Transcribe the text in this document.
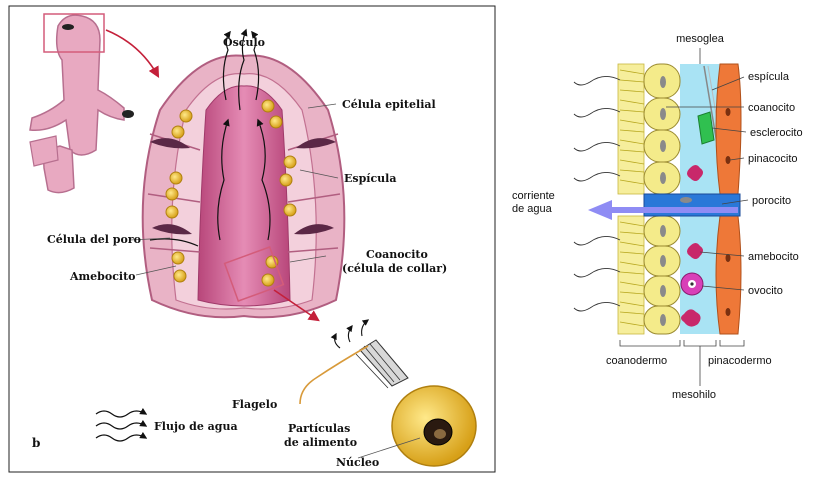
Ósculo
Célula epitelial
Espícula
Célula del poro
Amebocito
Coanocito
(célula de collar)
Flagelo
Partículas
de alimento
Núcleo
Flujo de agua
b
mesoglea
espícula
coanocito
esclerocito
pinacocito
corriente
de agua
porocito
amebocito
ovocito
coanodermo	pinacodermo
mesohilo
